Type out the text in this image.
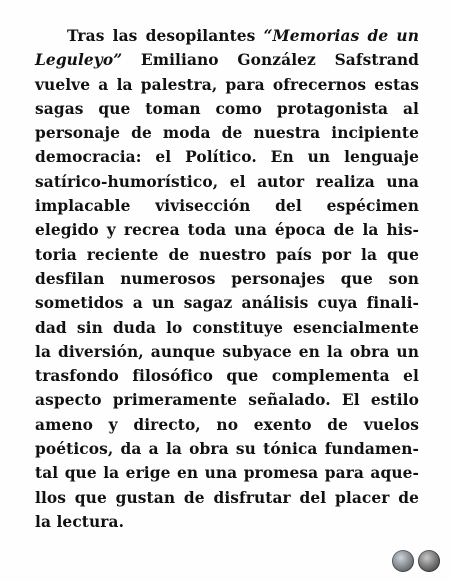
Tras las desopilantes “Memorias de un
Leguleyo” Emiliano González Safstrand
vuelve a la palestra, para ofrecernos estas
sagas que toman como protagonista al
personaje de moda de nuestra incipiente
democracia: el Político. En un lenguaje
satírico-humorístico, el autor realiza una
implacable vivisección del espécimen
elegido y recrea toda una época de la his-
toria reciente de nuestro país por la que
desfilan numerosos personajes que son
sometidos a un sagaz análisis cuya finali-
dad sin duda lo constituye esencialmente
la diversión, aunque subyace en la obra un
trasfondo filosófico que complementa el
aspecto primeramente señalado. El estilo
ameno y directo, no exento de vuelos
poéticos, da a la obra su tónica fundamen-
tal que la erige en una promesa para aque-
llos que gustan de disfrutar del placer de
la lectura.
